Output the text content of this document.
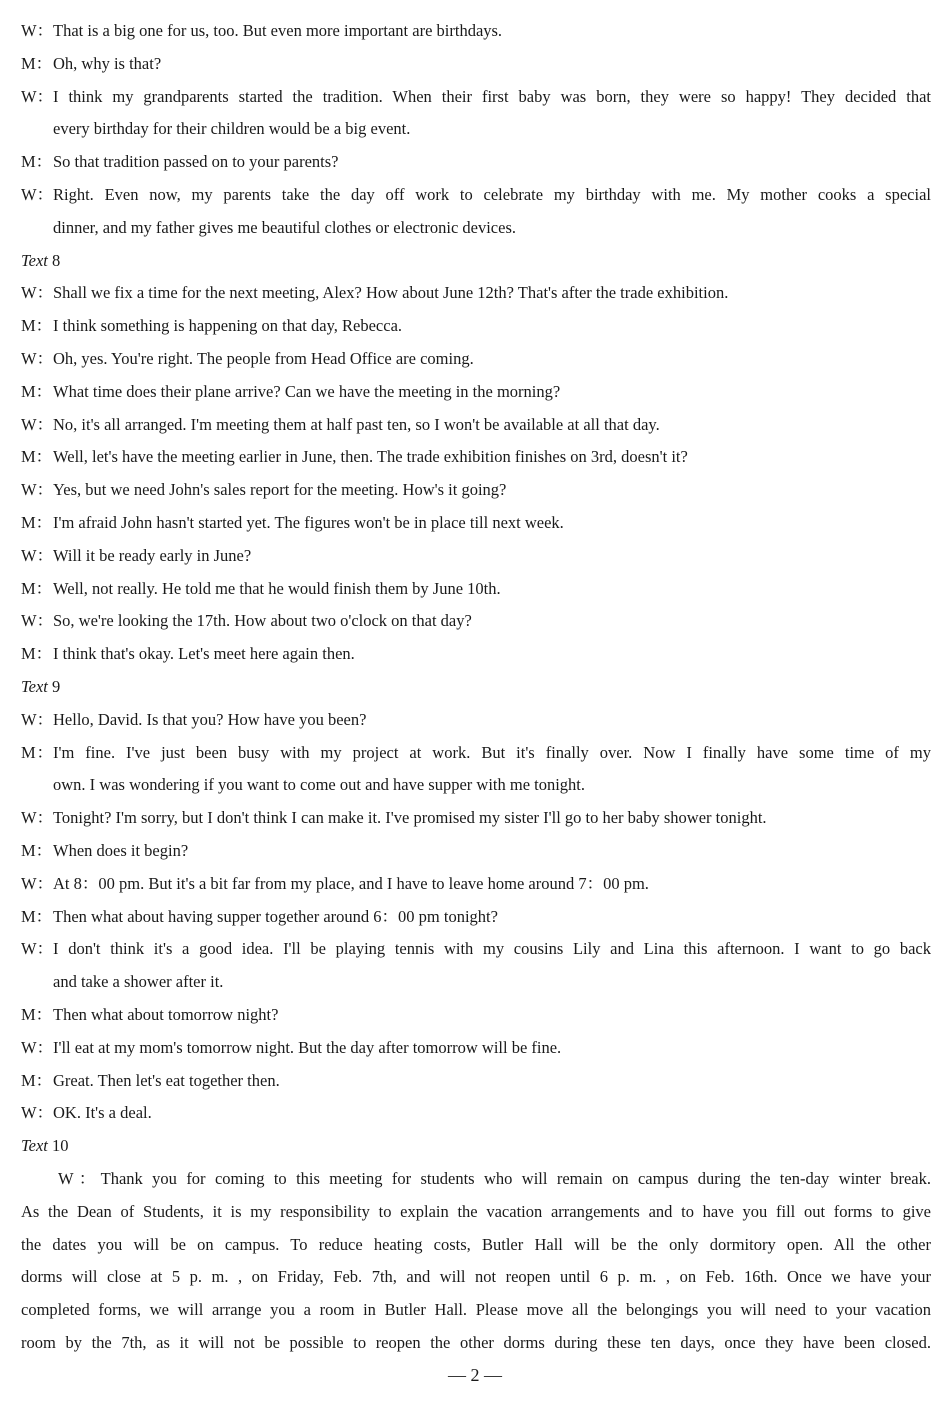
W：That is a big one for us, too. But even more important are birthdays.
M：Oh, why is that?
W：I think my grandparents started the tradition. When their first baby was born, they were so happy! They decided that
every birthday for their children would be a big event.
M：So that tradition passed on to your parents?
W：Right. Even now, my parents take the day off work to celebrate my birthday with me. My mother cooks a special
dinner, and my father gives me beautiful clothes or electronic devices.
Text 8
W：Shall we fix a time for the next meeting, Alex? How about June 12th? That's after the trade exhibition.
M：I think something is happening on that day, Rebecca.
W：Oh, yes. You're right. The people from Head Office are coming.
M：What time does their plane arrive? Can we have the meeting in the morning?
W：No, it's all arranged. I'm meeting them at half past ten, so I won't be available at all that day.
M：Well, let's have the meeting earlier in June, then. The trade exhibition finishes on 3rd, doesn't it?
W：Yes, but we need John's sales report for the meeting. How's it going?
M：I'm afraid John hasn't started yet. The figures won't be in place till next week.
W：Will it be ready early in June?
M：Well, not really. He told me that he would finish them by June 10th.
W：So, we're looking the 17th. How about two o'clock on that day?
M：I think that's okay. Let's meet here again then.
Text 9
W：Hello, David. Is that you? How have you been?
M：I'm fine. I've just been busy with my project at work. But it's finally over. Now I finally have some time of my
own. I was wondering if you want to come out and have supper with me tonight.
W：Tonight? I'm sorry, but I don't think I can make it. I've promised my sister I'll go to her baby shower tonight.
M：When does it begin?
W：At 8：00 pm. But it's a bit far from my place, and I have to leave home around 7：00 pm.
M：Then what about having supper together around 6：00 pm tonight?
W：I don't think it's a good idea. I'll be playing tennis with my cousins Lily and Lina this afternoon. I want to go back
and take a shower after it.
M：Then what about tomorrow night?
W：I'll eat at my mom's tomorrow night. But the day after tomorrow will be fine.
M：Great. Then let's eat together then.
W：OK. It's a deal.
Text 10
W：Thank you for coming to this meeting for students who will remain on campus during the ten-day winter break.
As the Dean of Students, it is my responsibility to explain the vacation arrangements and to have you fill out forms to give
the dates you will be on campus. To reduce heating costs, Butler Hall will be the only dormitory open. All the other
dorms will close at 5 p. m. , on Friday, Feb. 7th, and will not reopen until 6 p. m. , on Feb. 16th. Once we have your
completed forms, we will arrange you a room in Butler Hall. Please move all the belongings you will need to your vacation
room by the 7th, as it will not be possible to reopen the other dorms during these ten days, once they have been closed.
— 2 —
